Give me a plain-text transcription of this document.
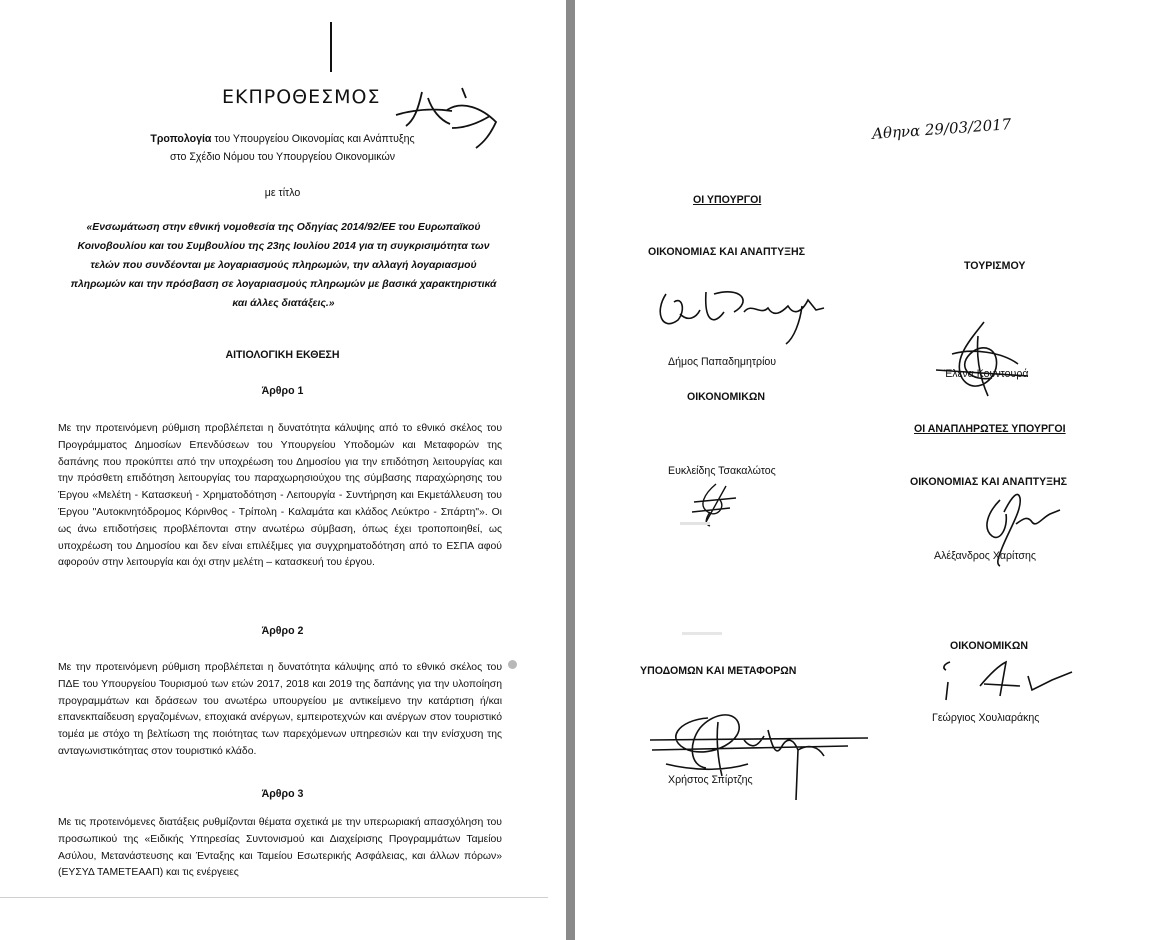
ΕΚΠΡΟΘΕΣΜΟΣ
Τροπολογία του Υπουργείου Οικονομίας και Ανάπτυξης
στο Σχέδιο Νόμου του Υπουργείου Οικονομικών
με τίτλο
«Ενσωμάτωση στην εθνική νομοθεσία της Οδηγίας 2014/92/ΕΕ του Ευρωπαϊκού Κοινοβουλίου και του Συμβουλίου της 23ης Ιουλίου 2014 για τη συγκρισιμότητα των τελών που συνδέονται με λογαριασμούς πληρωμών, την αλλαγή λογαριασμού πληρωμών και την πρόσβαση σε λογαριασμούς πληρωμών με βασικά χαρακτηριστικά και άλλες διατάξεις.»
ΑΙΤΙΟΛΟΓΙΚΗ ΕΚΘΕΣΗ
Άρθρο 1
Με την προτεινόμενη ρύθμιση προβλέπεται η δυνατότητα κάλυψης από το εθνικό σκέλος του Προγράμματος Δημοσίων Επενδύσεων του Υπουργείου Υποδομών και Μεταφορών της δαπάνης που προκύπτει από την υποχρέωση του Δημοσίου για την επιδότηση λειτουργίας και την πρόσθετη επιδότηση λειτουργίας του παραχωρησιούχου της σύμβασης παραχώρησης του Έργου «Μελέτη - Κατασκευή - Χρηματοδότηση - Λειτουργία - Συντήρηση και Εκμετάλλευση του Έργου "Αυτοκινητόδρομος Κόρινθος - Τρίπολη - Καλαμάτα και κλάδος Λεύκτρο - Σπάρτη"». Οι ως άνω επιδοτήσεις προβλέπονται στην ανωτέρω σύμβαση, όπως έχει τροποποιηθεί, ως υποχρέωση του Δημοσίου και δεν είναι επιλέξιμες για συγχρηματοδότηση από το ΕΣΠΑ αφού αφορούν στην λειτουργία και όχι στην μελέτη – κατασκευή του έργου.
Άρθρο 2
Με την προτεινόμενη ρύθμιση προβλέπεται η δυνατότητα κάλυψης από το εθνικό σκέλος του ΠΔΕ του Υπουργείου Τουρισμού των ετών 2017, 2018 και 2019 της δαπάνης για την υλοποίηση προγραμμάτων και δράσεων του ανωτέρω υπουργείου με αντικείμενο την κατάρτιση ή/και επανεκπαίδευση εργαζομένων, εποχιακά ανέργων, εμπειροτεχνών και ανέργων στον τουριστικό τομέα με στόχο τη βελτίωση της ποιότητας των παρεχόμενων υπηρεσιών και την ενίσχυση της ανταγωνιστικότητας στον τουριστικό κλάδο.
Άρθρο 3
Με τις προτεινόμενες διατάξεις ρυθμίζονται θέματα σχετικά με την υπερωριακή απασχόληση του προσωπικού της «Ειδικής Υπηρεσίας Συντονισμού και Διαχείρισης Προγραμμάτων Ταμείου Ασύλου, Μετανάστευσης και Ένταξης και Ταμείου Εσωτερικής Ασφάλειας, και άλλων πόρων» (ΕΥΣΥΔ ΤΑΜΕΤΕΑΑΠ) και τις ενέργειες
Αθηνα 29/03/2017
ΟΙ ΥΠΟΥΡΓΟΙ
ΟΙΚΟΝΟΜΙΑΣ ΚΑΙ ΑΝΑΠΤΥΞΗΣ
ΤΟΥΡΙΣΜΟΥ
Δήμος Παπαδημητρίου
Έλενα Κουντουρά
ΟΙΚΟΝΟΜΙΚΩΝ
ΟΙ ΑΝΑΠΛΗΡΩΤΕΣ ΥΠΟΥΡΓΟΙ
Ευκλείδης Τσακαλώτος
ΟΙΚΟΝΟΜΙΑΣ ΚΑΙ ΑΝΑΠΤΥΞΗΣ
Αλέξανδρος Χαρίτσης
ΟΙΚΟΝΟΜΙΚΩΝ
ΥΠΟΔΟΜΩΝ ΚΑΙ ΜΕΤΑΦΟΡΩΝ
Γεώργιος Χουλιαράκης
Χρήστος Σπίρτζης
